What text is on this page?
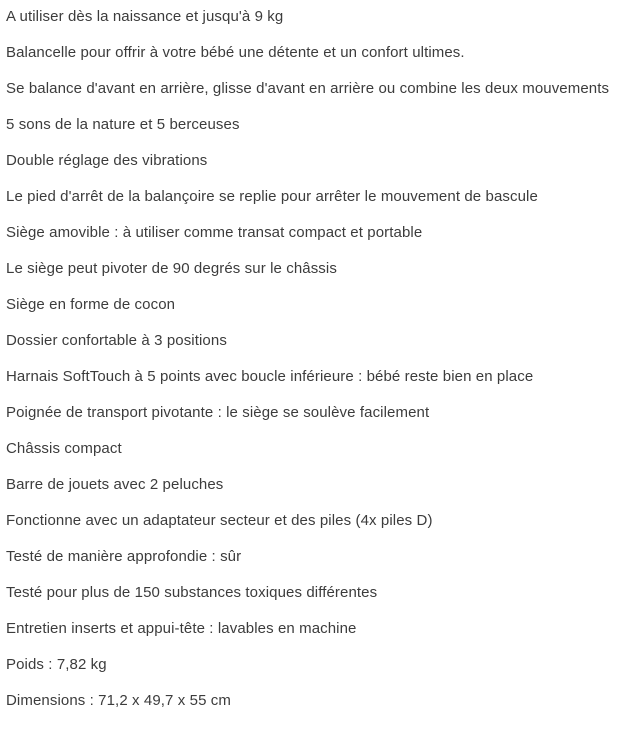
A utiliser dès la naissance et jusqu'à 9 kg

Balancelle pour offrir à votre bébé une détente et un confort ultimes.

Se balance d'avant en arrière, glisse d'avant en arrière ou combine les deux mouvements

5 sons de la nature et 5 berceuses

Double réglage des vibrations

Le pied d'arrêt de la balançoire se replie pour arrêter le mouvement de bascule

Siège amovible : à utiliser comme transat compact et portable

Le siège peut pivoter de 90 degrés sur le châssis

Siège en forme de cocon

Dossier confortable à 3 positions

Harnais SoftTouch à 5 points avec boucle inférieure : bébé reste bien en place

Poignée de transport pivotante : le siège se soulève facilement

Châssis compact

Barre de jouets avec 2 peluches

Fonctionne avec un adaptateur secteur et des piles (4x piles D)

Testé de manière approfondie : sûr

Testé pour plus de 150 substances toxiques différentes

Entretien inserts et appui-tête : lavables en machine

Poids : 7,82 kg

Dimensions : 71,2 x 49,7 x 55 cm
